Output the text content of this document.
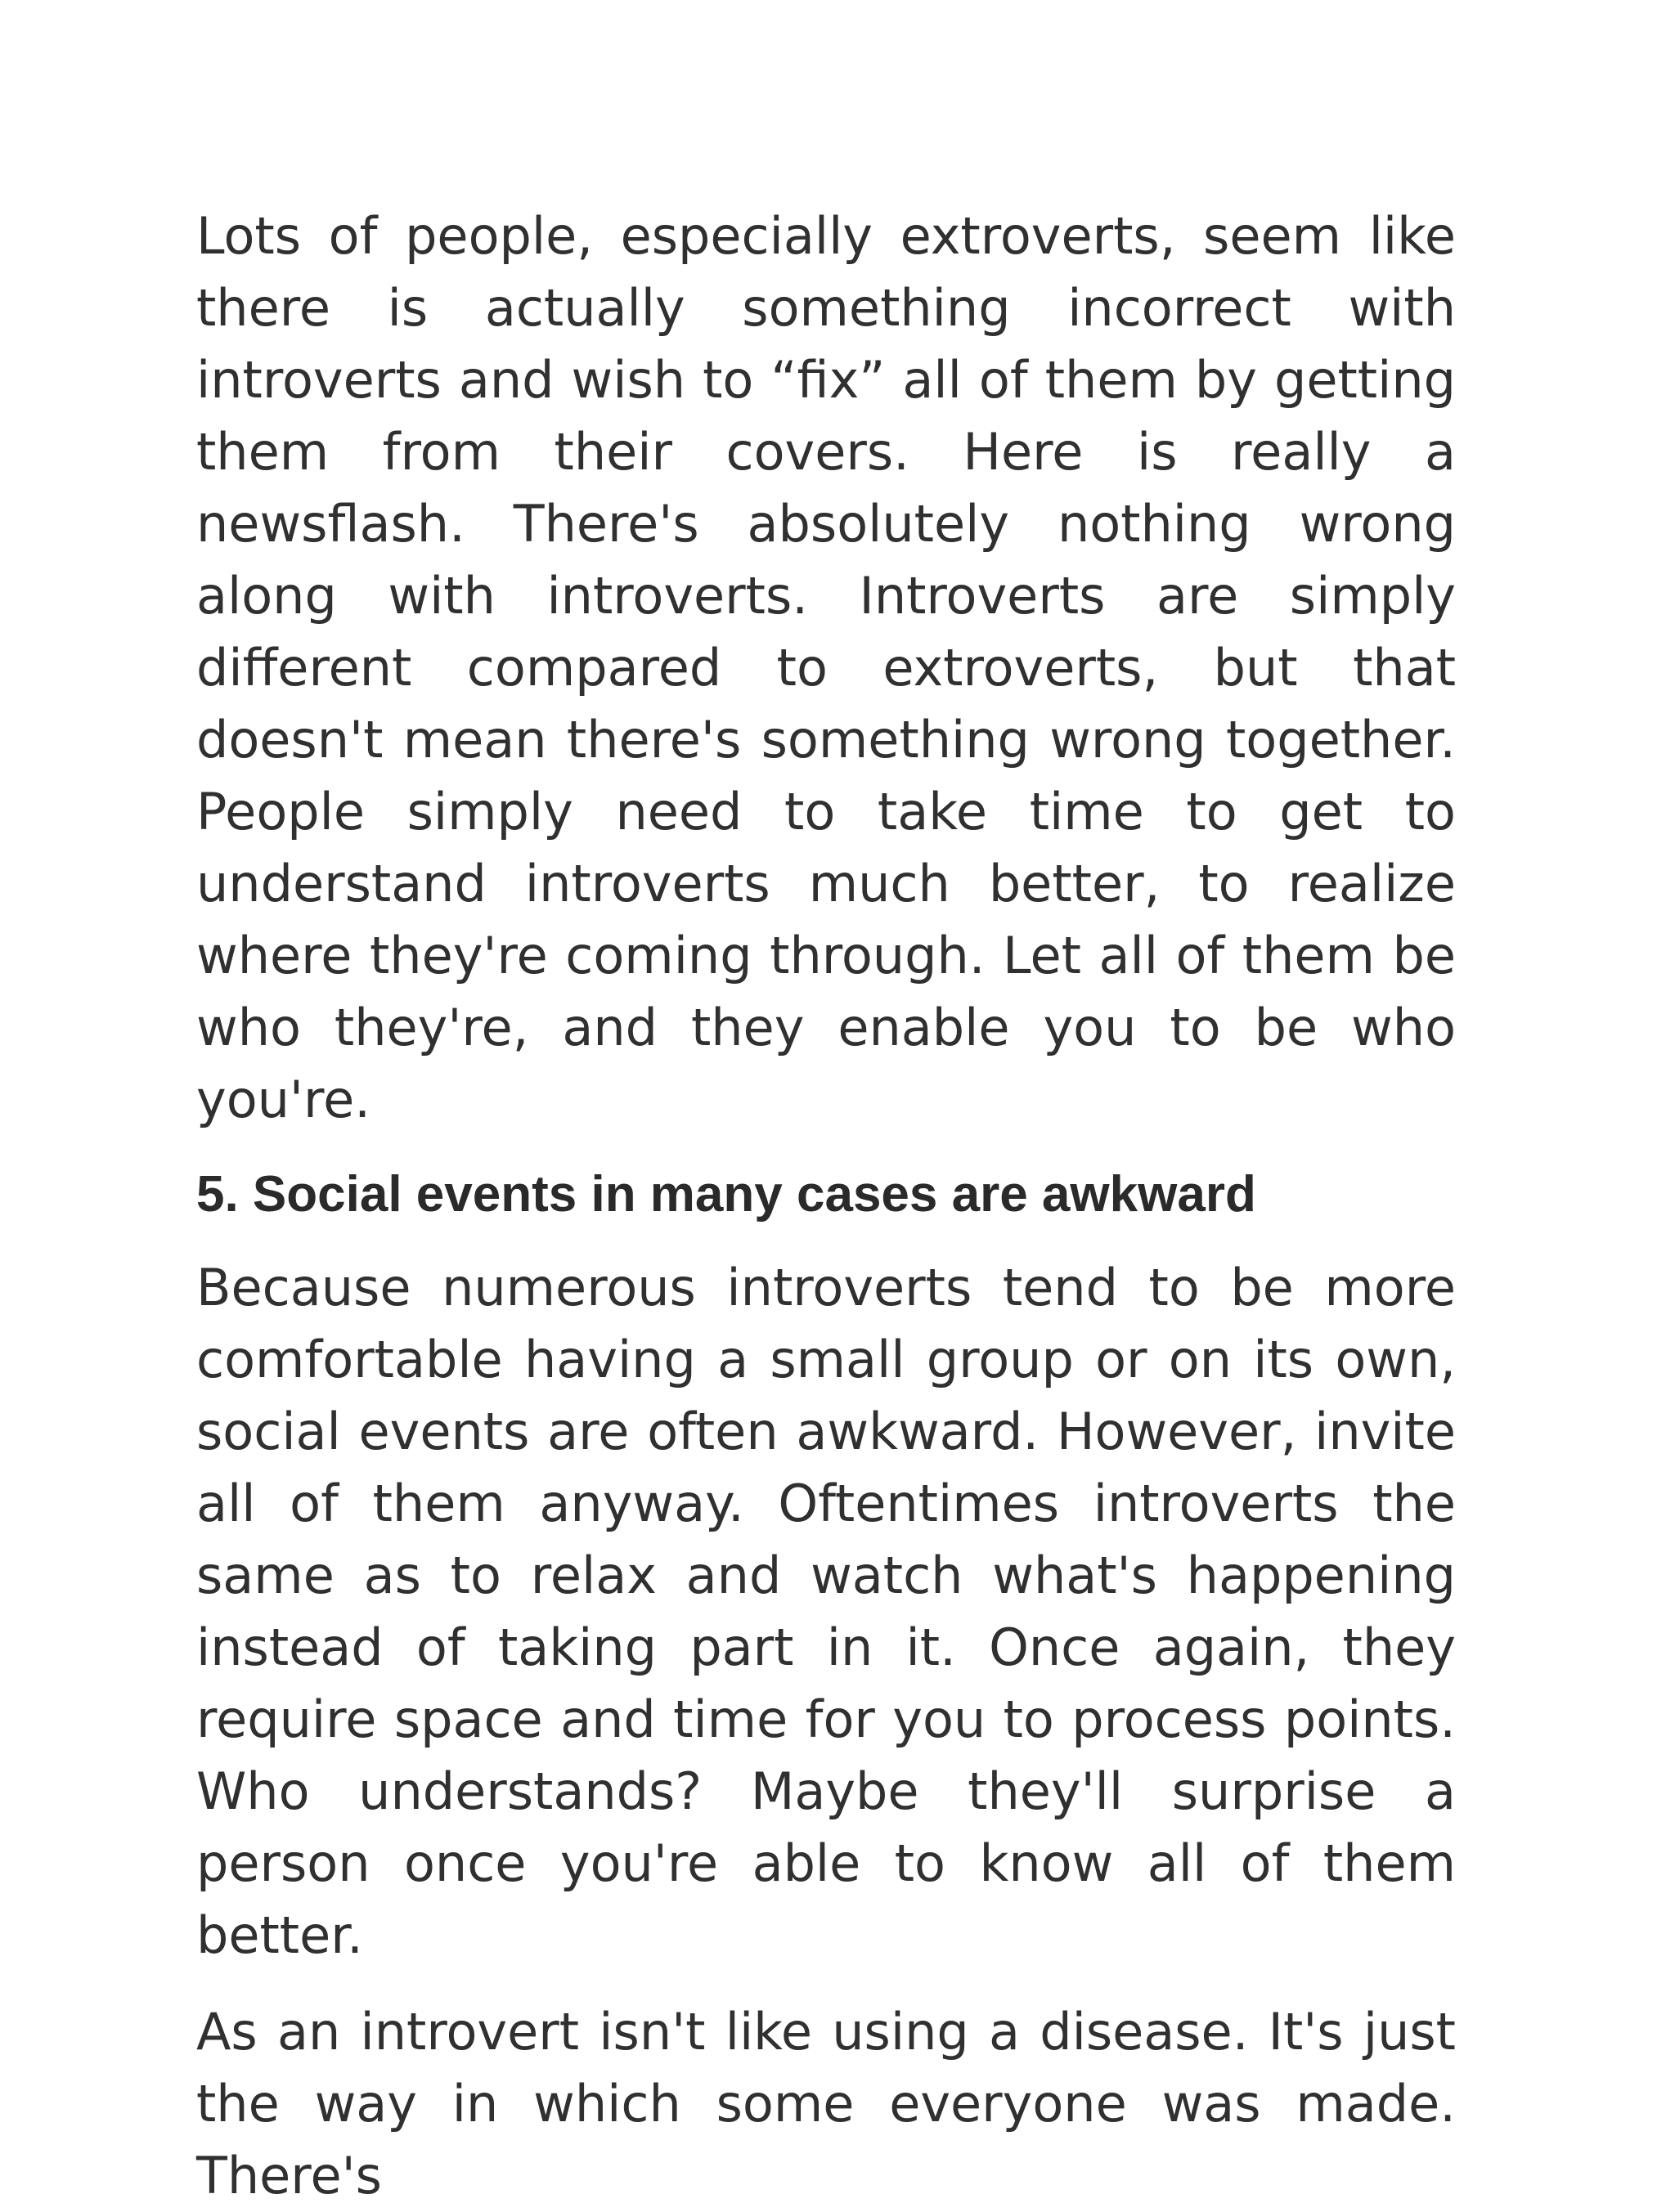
Lots of people, especially extroverts, seem like there is actually something incorrect with introverts and wish to “fix” all of them by getting them from their covers. Here is really a newsflash. There's absolutely nothing wrong along with introverts. Introverts are simply different compared to extroverts, but that doesn't mean there's something wrong together. People simply need to take time to get to understand introverts much better, to realize where they're coming through. Let all of them be who they're, and they enable you to be who you're.

5. Social events in many cases are awkward

Because numerous introverts tend to be more comfortable having a small group or on its own, social events are often awkward. However, invite all of them anyway. Oftentimes introverts the same as to relax and watch what's happening instead of taking part in it. Once again, they require space and time for you to process points. Who understands? Maybe they'll surprise a person once you're able to know all of them better.

As an introvert isn't like using a disease. It's just the way in which some everyone was made. There's
